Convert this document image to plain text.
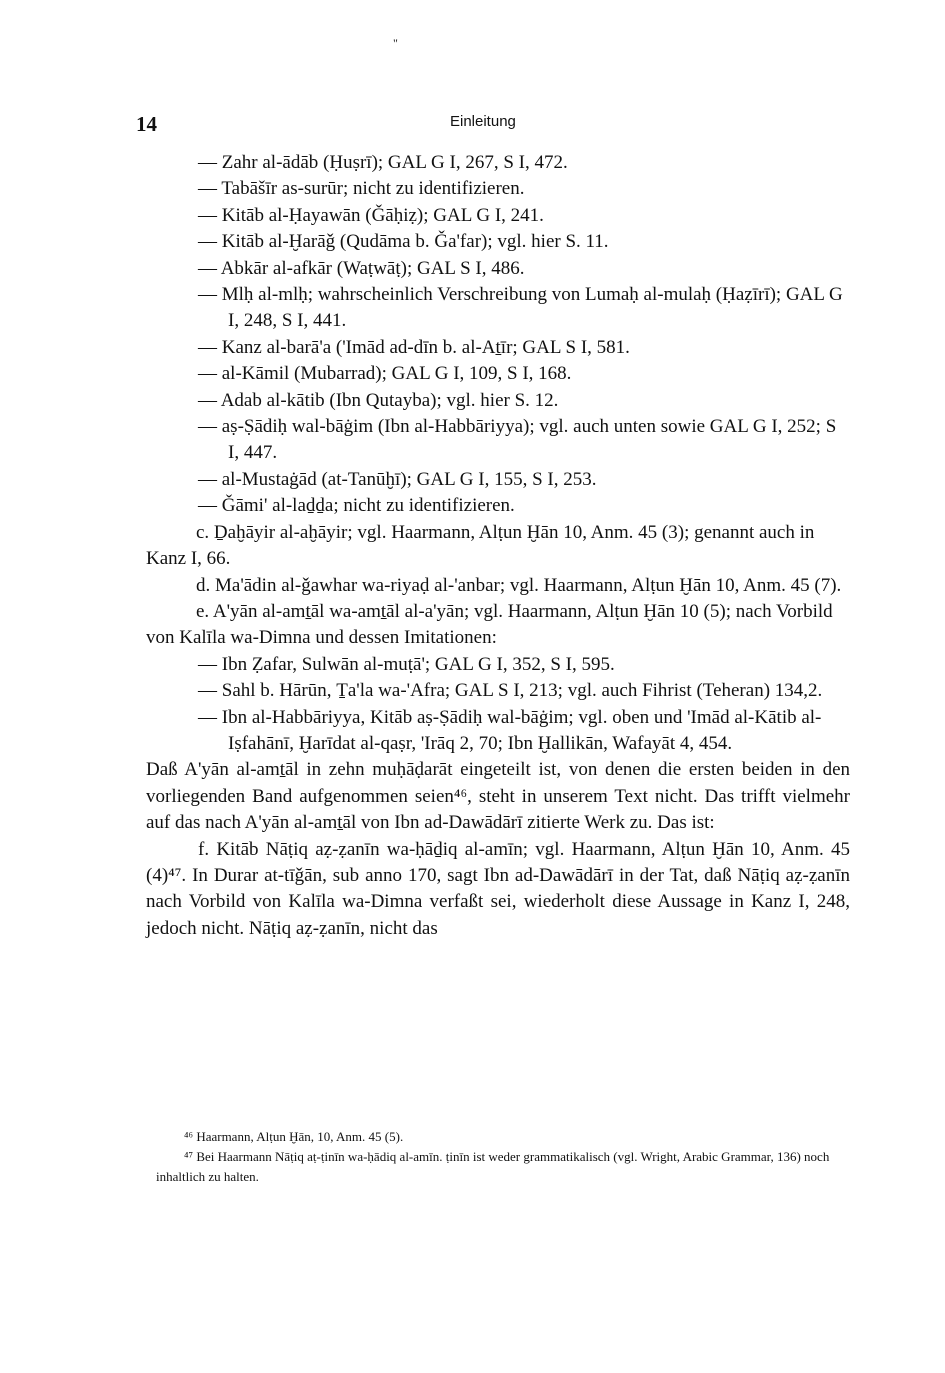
"
14	Einleitung

— Zahr al-ādāb (Ḥuṣrī); GAL G I, 267, S I, 472.

— Tabāšīr as-surūr; nicht zu identifizieren.

— Kitāb al-Ḥayawān (Ǧāḥiẓ); GAL G I, 241.

— Kitāb al-Ḫarāǧ (Qudāma b. Ǧa'far); vgl. hier S. 11.

— Abkār al-afkār (Waṭwāṭ); GAL S I, 486.

— Mlḥ al-mlḥ; wahrscheinlich Verschreibung von Lumaḥ al-mulaḥ (Ḥaẓīrī); GAL G I, 248, S I, 441.

— Kanz al-barā'a ('Imād ad-dīn b. al-Aṯīr; GAL S I, 581.

— al-Kāmil (Mubarrad); GAL G I, 109, S I, 168.

— Adab al-kātib (Ibn Qutayba); vgl. hier S. 12.

— aṣ-Ṣādiḥ wal-bāġim (Ibn al-Habbāriyya); vgl. auch unten sowie GAL G I, 252; S I, 447.

— al-Mustaġād (at-Tanūḫī); GAL G I, 155, S I, 253.

— Ǧāmi' al-laḏḏa; nicht zu identifizieren.

c. Ḏaḫāyir al-aḫāyir; vgl. Haarmann, Alṭun Ḫān 10, Anm. 45 (3); genannt auch in Kanz I, 66.

d. Ma'ādin al-ǧawhar wa-riyaḍ al-'anbar; vgl. Haarmann, Alṭun Ḫān 10, Anm. 45 (7).

e. A'yān al-amṯāl wa-amṯāl al-a'yān; vgl. Haarmann, Alṭun Ḫān 10 (5); nach Vorbild von Kalīla wa-Dimna und dessen Imitationen:

— Ibn Ẓafar, Sulwān al-muṭā'; GAL G I, 352, S I, 595.

— Sahl b. Hārūn, Ṯa'la wa-'Afra; GAL S I, 213; vgl. auch Fihrist (Teheran) 134,2.

— Ibn al-Habbāriyya, Kitāb aṣ-Ṣādiḥ wal-bāġim; vgl. oben und 'Imād al-Kātib al-Iṣfahānī, Ḫarīdat al-qaṣr, 'Irāq 2, 70; Ibn Ḫallikān, Wafayāt 4, 454.

Daß A'yān al-amṯāl in zehn muḥāḍarāt eingeteilt ist, von denen die ersten beiden in den vorliegenden Band aufgenommen seien⁴⁶, steht in unserem Text nicht. Das trifft vielmehr auf das nach A'yān al-amṯāl von Ibn ad-Dawādārī zitierte Werk zu. Das ist:

f. Kitāb Nāṭiq aẓ-ẓanīn wa-ḥāḏiq al-amīn; vgl. Haarmann, Alṭun Ḫān 10, Anm. 45 (4)⁴⁷. In Durar at-tīǧān, sub anno 170, sagt Ibn ad-Dawādārī in der Tat, daß Nāṭiq aẓ-ẓanīn nach Vorbild von Kalīla wa-Dimna verfaßt sei, wiederholt diese Aussage in Kanz I, 248, jedoch nicht. Nāṭiq aẓ-ẓanīn, nicht das

⁴⁶ Haarmann, Alṭun Ḫān, 10, Anm. 45 (5).

⁴⁷ Bei Haarmann Nāṭiq aṭ-ṭinīn wa-ḥādiq al-amīn. ṭinīn ist weder grammatikalisch (vgl. Wright, Arabic Grammar, 136) noch inhaltlich zu halten.
